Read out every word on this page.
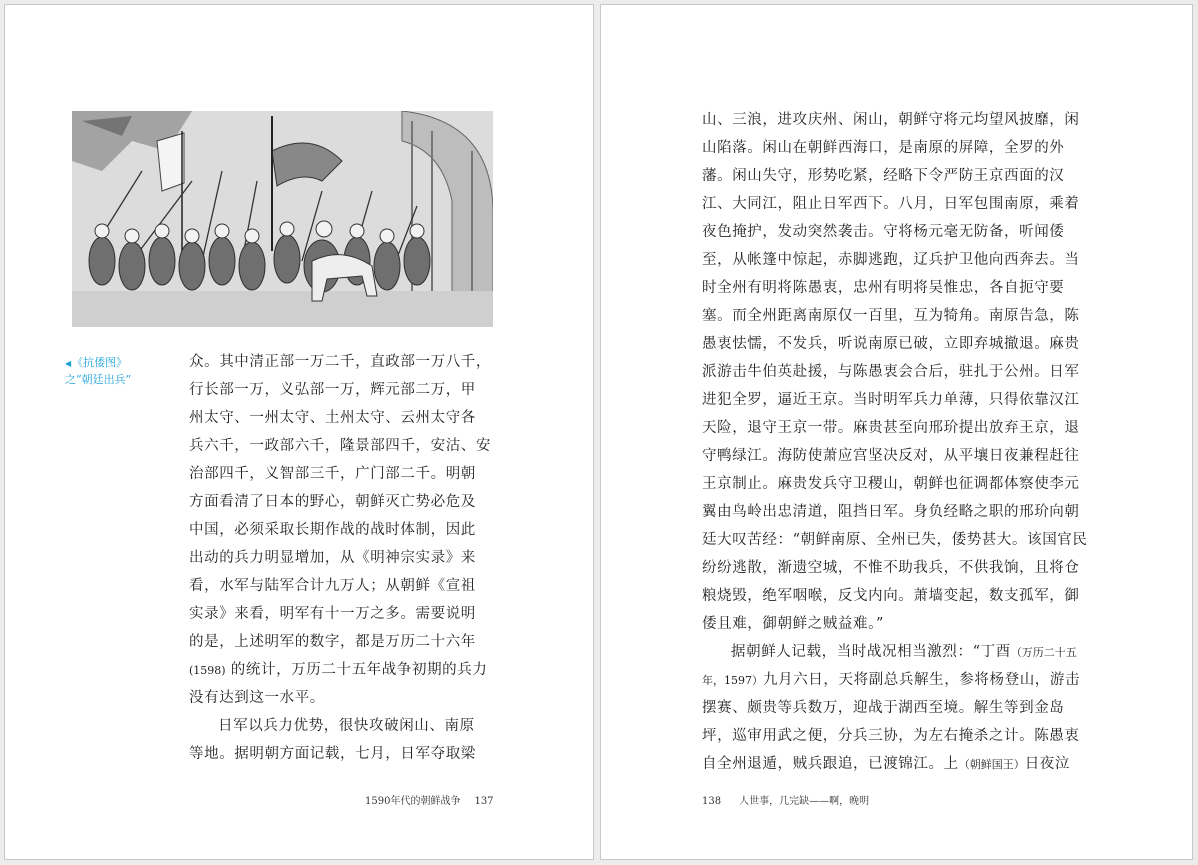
◀《抗倭图》之“朝廷出兵”
众。其中清正部一万二千，直政部一万八千，
行长部一万，义弘部一万，辉元部二万，甲
州太守、一州太守、土州太守、云州太守各
兵六千，一政部六千，隆景部四千，安沽、安
治部四千，义智部三千，广门部二千。明朝
方面看清了日本的野心，朝鲜灭亡势必危及
中国，必须采取长期作战的战时体制，因此
出动的兵力明显增加，从《明神宗实录》来
看，水军与陆军合计九万人；从朝鲜《宣祖
实录》来看，明军有十一万之多。需要说明
的是，上述明军的数字，都是万历二十六年
(1598) 的统计，万历二十五年战争初期的兵力
没有达到这一水平。
日军以兵力优势，很快攻破闲山、南原
等地。据明朝方面记载，七月，日军夺取梁
1590年代的朝鲜战争 137
山、三浪，进攻庆州、闲山，朝鲜守将元均望风披靡，闲
山陷落。闲山在朝鲜西海口，是南原的屏障，全罗的外
藩。闲山失守，形势吃紧，经略下令严防王京西面的汉
江、大同江，阻止日军西下。八月，日军包围南原，乘着
夜色掩护，发动突然袭击。守将杨元毫无防备，听闻倭
至，从帐篷中惊起，赤脚逃跑，辽兵护卫他向西奔去。当
时全州有明将陈愚衷，忠州有明将吴惟忠，各自扼守要
塞。而全州距离南原仅一百里，互为犄角。南原告急，陈
愚衷怯懦，不发兵，听说南原已破，立即弃城撤退。麻贵
派游击牛伯英赴援，与陈愚衷会合后，驻扎于公州。日军
进犯全罗，逼近王京。当时明军兵力单薄，只得依靠汉江
天险，退守王京一带。麻贵甚至向邢玠提出放弃王京，退
守鸭绿江。海防使萧应宫坚决反对，从平壤日夜兼程赶往
王京制止。麻贵发兵守卫稷山，朝鲜也征调都体察使李元
翼由鸟岭出忠清道，阻挡日军。身负经略之职的邢玠向朝
廷大叹苦经：“朝鲜南原、全州已失，倭势甚大。该国官民
纷纷逃散，渐遗空城，不惟不助我兵，不供我饷，且将仓
粮烧毁，绝军咽喉，反戈内向。萧墙变起，数支孤军，御
倭且难，御朝鲜之贼益难。”
据朝鲜人记载，当时战况相当激烈：“丁酉（万历二十五
年，1597）九月六日，天将副总兵解生，参将杨登山，游击
摆赛、颇贵等兵数万，迎战于湖西至境。解生等到金岛
坪，巡审用武之便，分兵三协，为左右掩杀之计。陈愚衷
自全州退遁，贼兵跟追，已渡锦江。上（朝鲜国王）日夜泣
138 人世事，几完缺——啊，晚明
